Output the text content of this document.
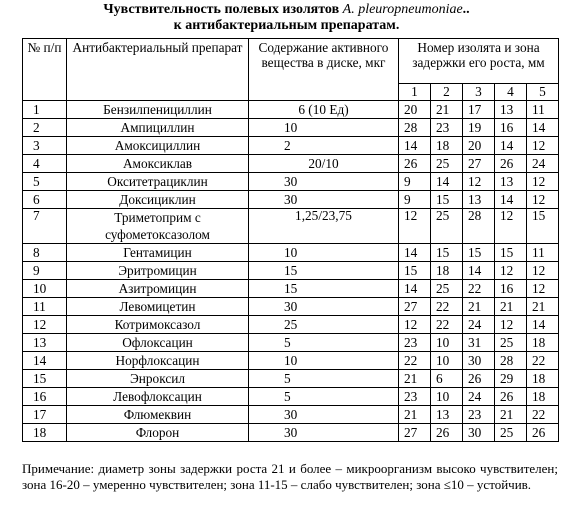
Чувствительность полевых изолятов A. pleuropneumoniae..
к антибактериальным препаратам.
№ п/п	Антибактериальный препарат	Содержание активного вещества в диске, мкг	Номер изолята и зона задержки его роста, мм				
			1	2	3	4	5
1	Бензилпенициллин	6 (10 Ед)	20	21	17	13	11
2	Ампициллин	10	28	23	19	16	14
3	Амоксициллин	2	14	18	20	14	12
4	Амоксиклав	20/10	26	25	27	26	24
5	Окситетрациклин	30	9	14	12	13	12
6	Доксициклин	30	9	15	13	14	12
7	Триметоприм с
суфометоксазолом	1,25/23,75	12	25	28	12	15
8	Гентамицин	10	14	15	15	15	11
9	Эритромицин	15	15	18	14	12	12
10	Азитромицин	15	14	25	22	16	12
11	Левомицетин	30	27	22	21	21	21
12	Котримоксазол	25	12	22	24	12	14
13	Офлоксацин	5	23	10	31	25	18
14	Норфлоксацин	10	22	10	30	28	22
15	Энроксил	5	21	6	26	29	18
16	Левофлоксацин	5	23	10	24	26	18
17	Флюмеквин	30	21	13	23	21	22
18	Флорон	30	27	26	30	25	26
Примечание: диаметр зоны задержки роста 21 и более – микроорганизм высоко чувствителен; зона 16-20 – умеренно чувствителен; зона 11-15 – слабо чувствителен; зона ≤10 – устойчив.
